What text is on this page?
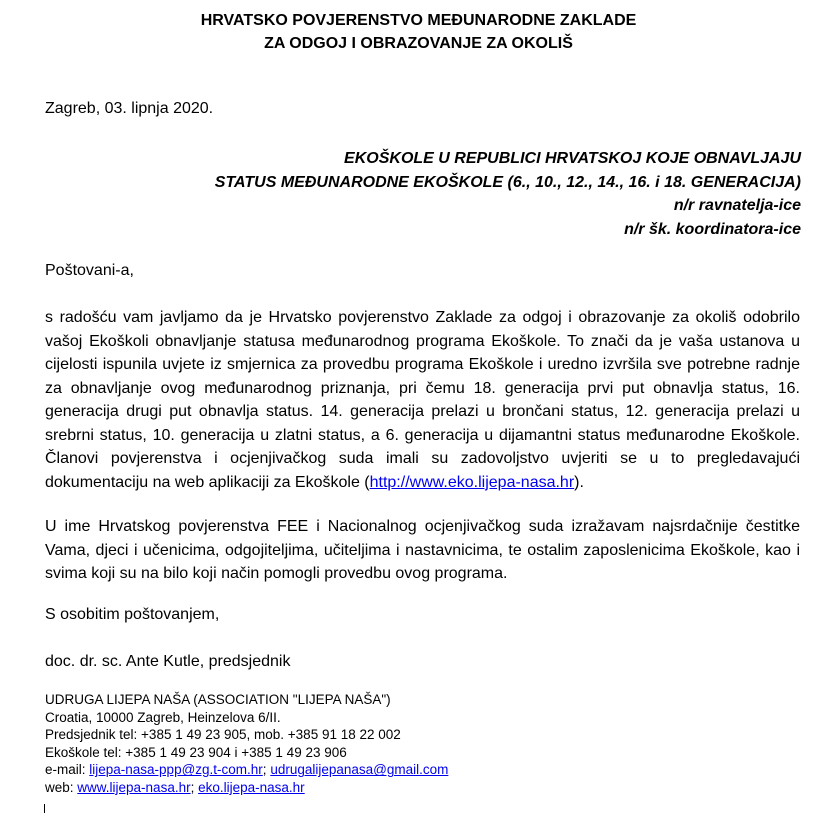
HRVATSKO POVJERENSTVO MEĐUNARODNE ZAKLADE
ZA ODGOJ I OBRAZOVANJE ZA OKOLIŠ
Zagreb, 03. lipnja 2020.
EKOŠKOLE U REPUBLICI HRVATSKOJ KOJE OBNAVLJAJU
STATUS MEĐUNARODNE EKOŠKOLE (6., 10., 12., 14., 16. i 18. GENERACIJA)
n/r ravnatelja-ice
n/r šk. koordinatora-ice
Poštovani-a,
s radošću vam javljamo da je Hrvatsko povjerenstvo Zaklade za odgoj i obrazovanje za okoliš odobrilo vašoj Ekoškoli obnavljanje statusa međunarodnog programa Ekoškole. To znači da je vaša ustanova u cijelosti ispunila uvjete iz smjernica za provedbu programa Ekoškole i uredno izvršila sve potrebne radnje za obnavljanje ovog međunarodnog priznanja, pri čemu 18. generacija prvi put obnavlja status, 16. generacija drugi put obnavlja status. 14. generacija prelazi u brončani status, 12. generacija prelazi u srebrni status, 10. generacija u zlatni status, a 6. generacija u dijamantni status međunarodne Ekoškole. Članovi povjerenstva i ocjenjivačkog suda imali su zadovoljstvo uvjeriti se u to pregledavajući dokumentaciju na web aplikaciji za Ekoškole (http://www.eko.lijepa-nasa.hr).
U ime Hrvatskog povjerenstva FEE i Nacionalnog ocjenjivačkog suda izražavam najsrdačnije čestitke Vama, djeci i učenicima, odgojiteljima, učiteljima i nastavnicima, te ostalim zaposlenicima Ekoškole, kao i svima koji su na bilo koji način pomogli provedbu ovog programa.
S osobitim poštovanjem,
doc. dr. sc. Ante Kutle, predsjednik
UDRUGA LIJEPA NAŠA (ASSOCIATION "LIJEPA NAŠA")
Croatia, 10000 Zagreb, Heinzelova 6/II.
Predsjednik tel: +385 1 49 23 905, mob. +385 91 18 22 002
Ekoškole tel: +385 1 49 23 904 i +385 1 49 23 906
e-mail: lijepa-nasa-ppp@zg.t-com.hr; udrugalijepanasa@gmail.com
web: www.lijepa-nasa.hr; eko.lijepa-nasa.hr
